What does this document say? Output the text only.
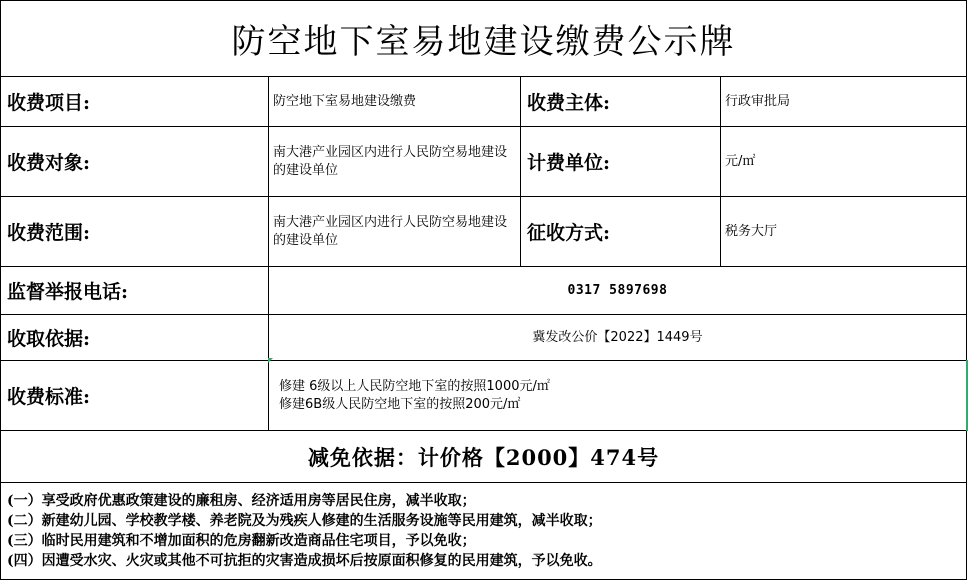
防空地下室易地建设缴费公示牌			
收费项目:	防空地下室易地建设缴费	收费主体:	行政审批局
收费对象:	南大港产业园区内进行人民防空易地建设的建设单位	计费单位:	元/㎡
收费范围:	南大港产业园区内进行人民防空易地建设的建设单位	征收方式:	税务大厅
监督举报电话:	0317 5897698		
收取依据:	冀发改公价【2022】1449号		
收费标准:	修建 6级以上人民防空地下室的按照1000元/㎡
修建6B级人民防空地下室的按照200元/㎡		

减免依据：计价格【2000】474号			

(一）享受政府优惠政策建设的廉租房、经济适用房等居民住房，减半收取；
(二）新建幼儿园、学校教学楼、养老院及为残疾人修建的生活服务设施等民用建筑，减半收取；
(三）临时民用建筑和不增加面积的危房翻新改造商品住宅项目，予以免收；
(四）因遭受水灾、火灾或其他不可抗拒的灾害造成损坏后按原面积修复的民用建筑，予以免收。			
